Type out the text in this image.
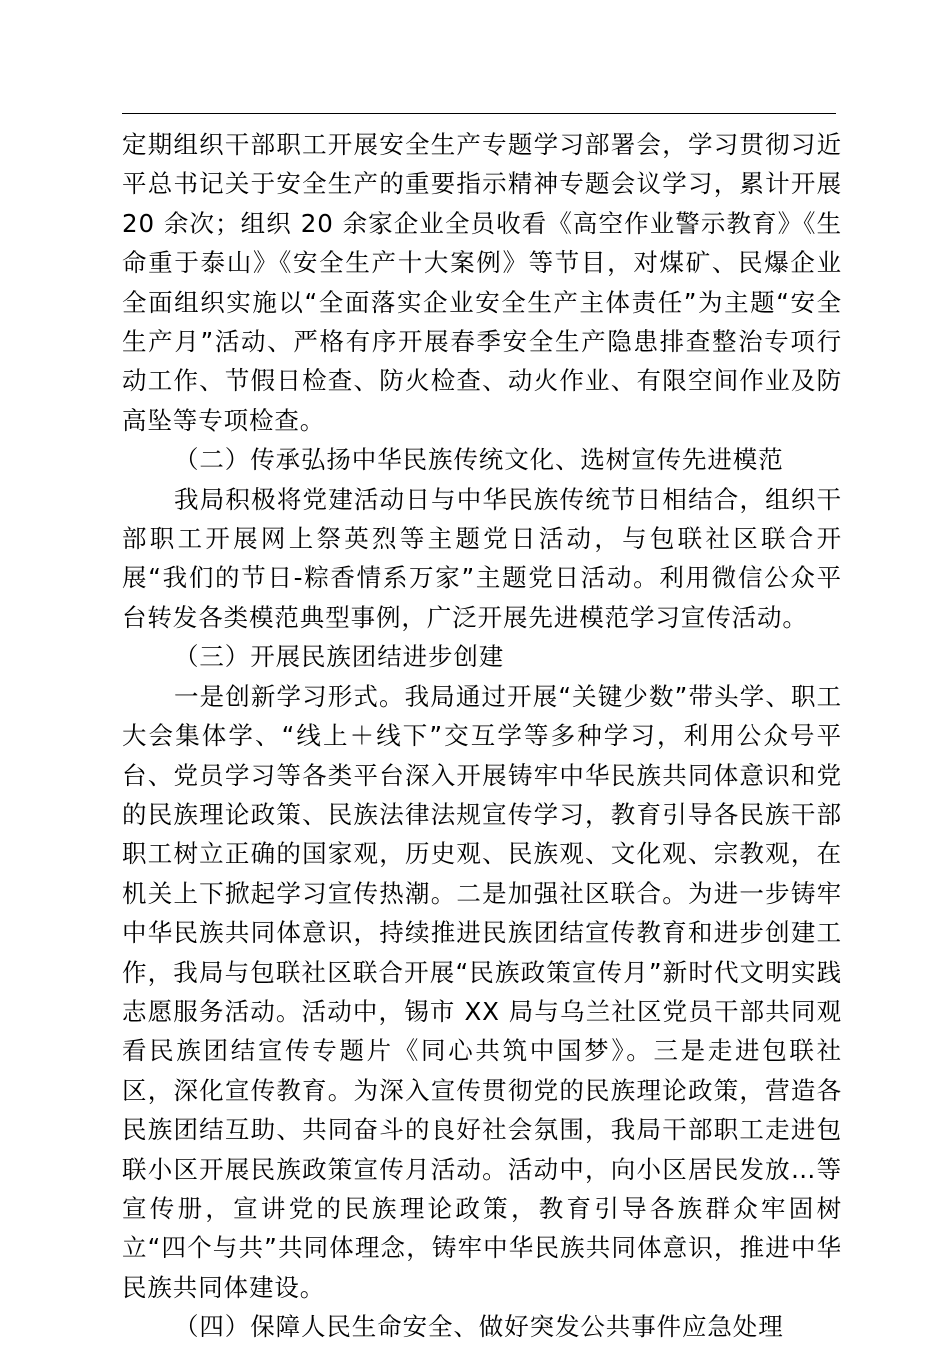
定期组织干部职工开展安全生产专题学习部署会，学习贯彻习近平总书记关于安全生产的重要指示精神专题会议学习，累计开展20 余次；组织 20 余家企业全员收看《高空作业警示教育》《生命重于泰山》《安全生产十大案例》等节目，对煤矿、民爆企业全面组织实施以“全面落实企业安全生产主体责任”为主题“安全生产月”活动、严格有序开展春季安全生产隐患排查整治专项行动工作、节假日检查、防火检查、动火作业、有限空间作业及防高坠等专项检查。

（二）传承弘扬中华民族传统文化、选树宣传先进模范

我局积极将党建活动日与中华民族传统节日相结合，组织干部职工开展网上祭英烈等主题党日活动，与包联社区联合开展“我们的节日-粽香情系万家”主题党日活动。利用微信公众平台转发各类模范典型事例，广泛开展先进模范学习宣传活动。

（三）开展民族团结进步创建

一是创新学习形式。我局通过开展“关键少数”带头学、职工大会集体学、“线上＋线下”交互学等多种学习，利用公众号平台、党员学习等各类平台深入开展铸牢中华民族共同体意识和党的民族理论政策、民族法律法规宣传学习，教育引导各民族干部职工树立正确的国家观，历史观、民族观、文化观、宗教观，在机关上下掀起学习宣传热潮。二是加强社区联合。为进一步铸牢中华民族共同体意识，持续推进民族团结宣传教育和进步创建工作，我局与包联社区联合开展“民族政策宣传月”新时代文明实践志愿服务活动。活动中，锡市 XX 局与乌兰社区党员干部共同观看民族团结宣传专题片《同心共筑中国梦》。三是走进包联社区，深化宣传教育。为深入宣传贯彻党的民族理论政策，营造各民族团结互助、共同奋斗的良好社会氛围，我局干部职工走进包联小区开展民族政策宣传月活动。活动中，向小区居民发放…等宣传册，宣讲党的民族理论政策，教育引导各族群众牢固树立“四个与共”共同体理念，铸牢中华民族共同体意识，推进中华民族共同体建设。

（四）保障人民生命安全、做好突发公共事件应急处理
